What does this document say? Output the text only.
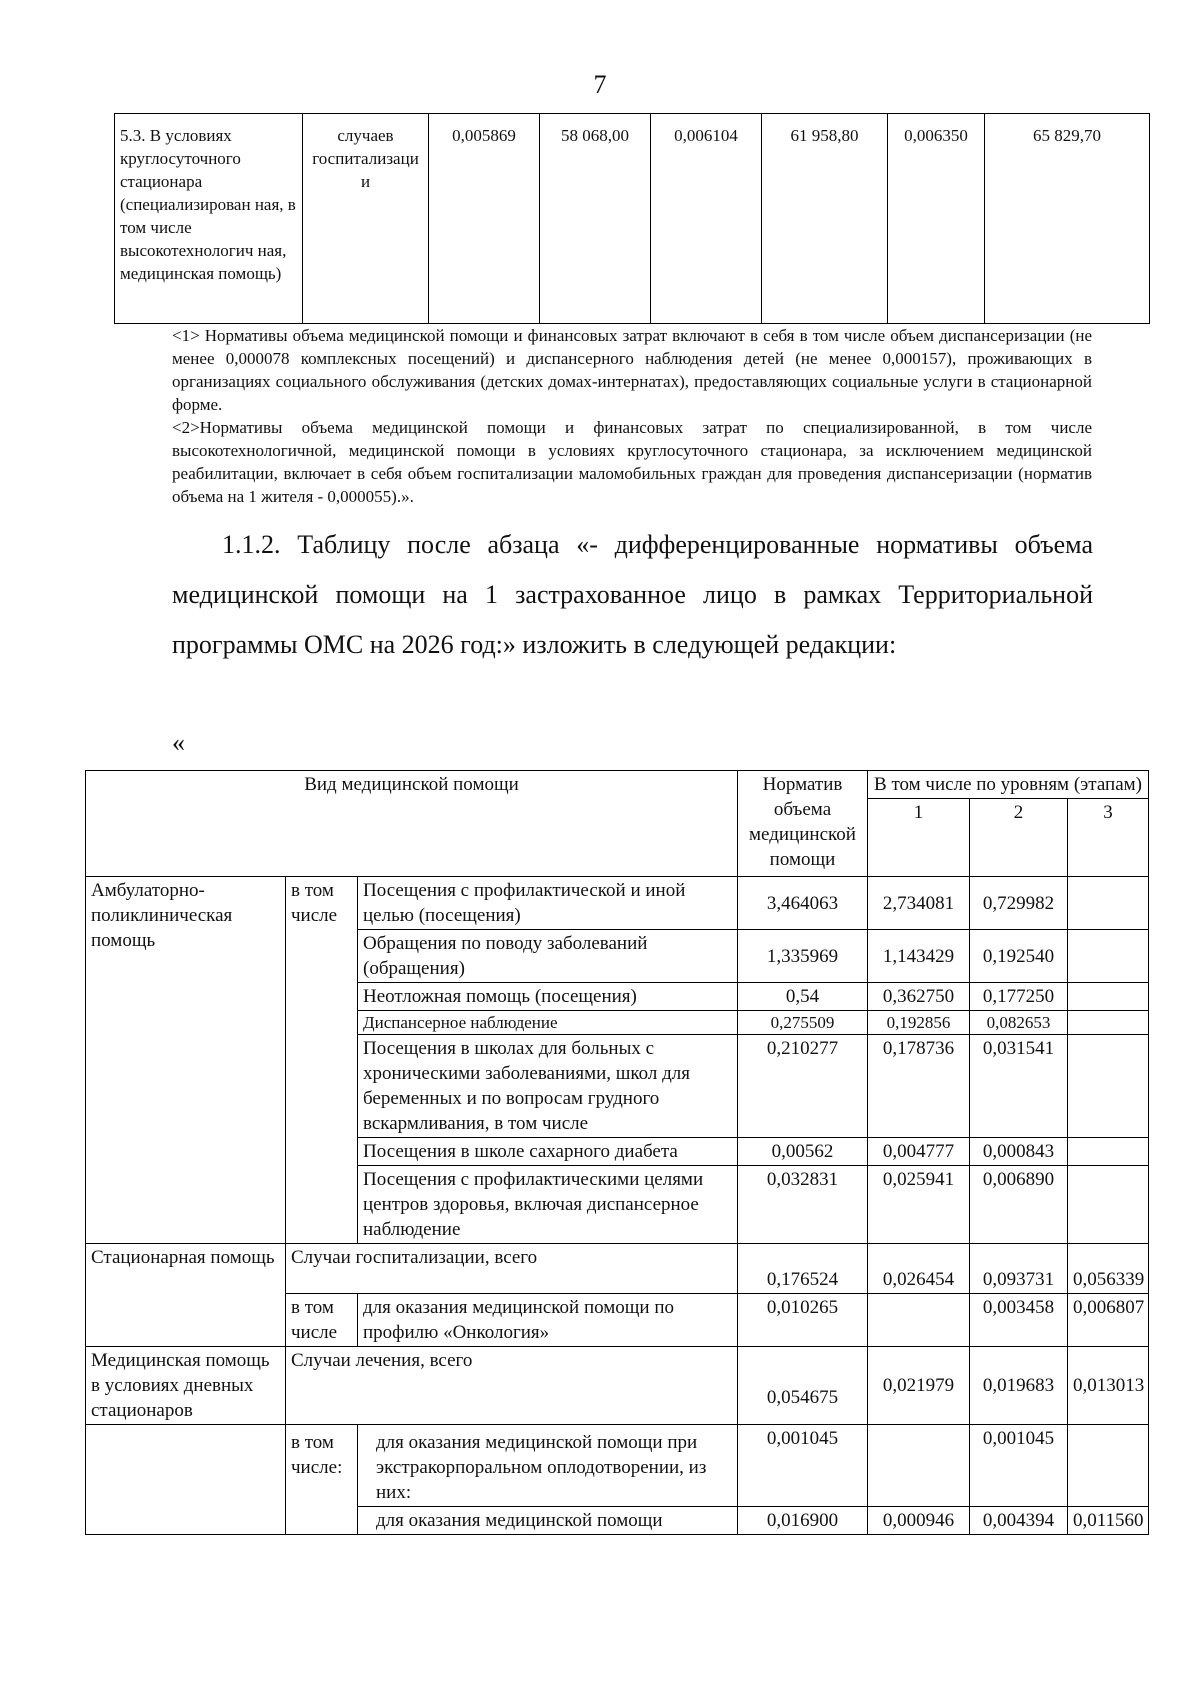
7
5.3. В условиях круглосуточного стационара (специализирован ная, в том числе высокотехнологич ная, медицинская помощь)	случаев госпитализаци и	0,005869	58 068,00	0,006104	61 958,80	0,006350	65 829,70

<1> Нормативы объема медицинской помощи и финансовых затрат включают в себя в том числе объем диспансеризации (не менее 0,000078 комплексных посещений) и диспансерного наблюдения детей (не менее 0,000157), проживающих в организациях социального обслуживания (детских домах-интернатах), предоставляющих социальные услуги в стационарной форме.

<2>Нормативы объема медицинской помощи и финансовых затрат по специализированной, в том числе высокотехнологичной, медицинской помощи в условиях круглосуточного стационара, за исключением медицинской реабилитации, включает в себя объем госпитализации маломобильных граждан для проведения диспансеризации (норматив объема на 1 жителя - 0,000055).».

1.1.2. Таблицу после абзаца «- дифференцированные нормативы объема медицинской помощи на 1 застрахованное лицо в рамках Территориальной программы ОМС на 2026 год:» изложить в следующей редакции:

«
Вид медицинской помощи			Норматив объема медицинской помощи	В том числе по уровням (этапам)		
				1	2	3
Амбулаторно-поликлиническая помощь	в том числе	Посещения с профилактической и иной целью (посещения)	3,464063	2,734081	0,729982	
		Обращения по поводу заболеваний (обращения)	1,335969	1,143429	0,192540	
		Неотложная помощь (посещения)	0,54	0,362750	0,177250	
		Диспансерное наблюдение	0,275509	0,192856	0,082653	
		Посещения в школах для больных с хроническими заболеваниями, школ для беременных и по вопросам грудного вскармливания, в том числе	0,210277	0,178736	0,031541	
		Посещения в школе сахарного диабета	0,00562	0,004777	0,000843	
		Посещения с профилактическими целями центров здоровья, включая диспансерное наблюдение	0,032831	0,025941	0,006890	
Стационарная помощь	Случаи госпитализации, всего		0,176524	0,026454	0,093731	0,056339
	в том числе	для оказания медицинской помощи по профилю «Онкология»	0,010265		0,003458	0,006807
Медицинская помощь в условиях дневных стационаров	Случаи лечения, всего		0,054675	0,021979	0,019683	0,013013
	в том числе:	для оказания медицинской помощи при экстракорпоральном оплодотворении, из них:	0,001045		0,001045	
		для оказания медицинской помощи	0,016900	0,000946	0,004394	0,011560
